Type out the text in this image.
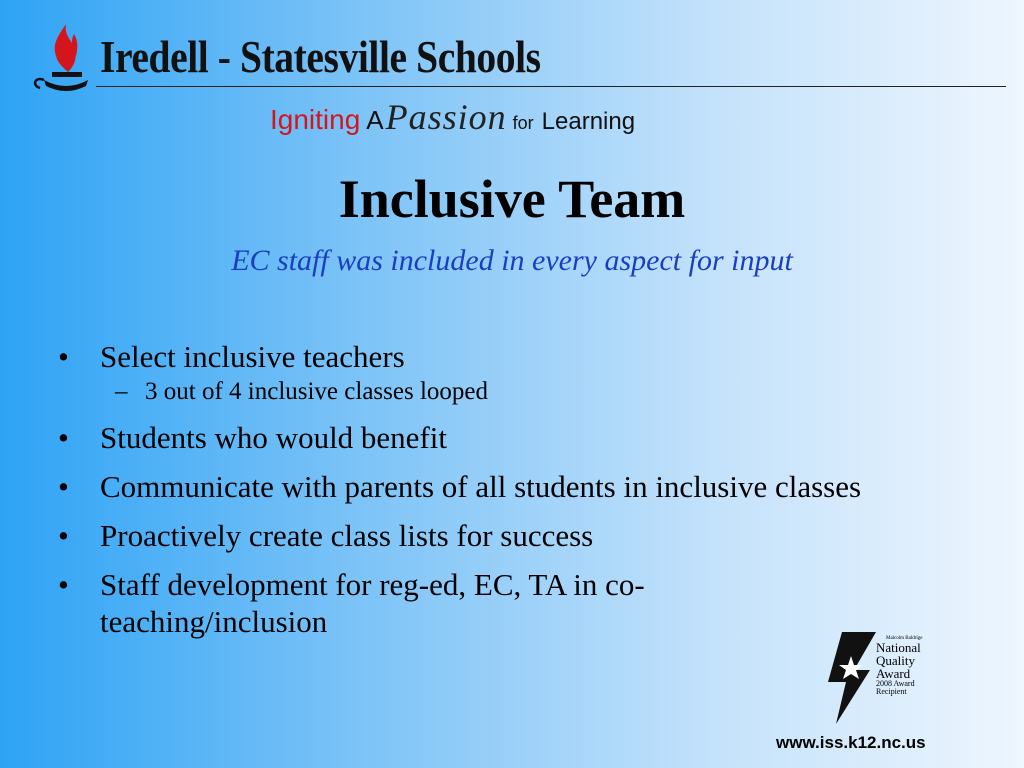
Iredell - Statesville Schools
Igniting APassion for Learning
Inclusive Team
EC staff was included in every aspect for input
• Select inclusive teachers
– 3 out of 4 inclusive classes looped
• Students who would benefit
• Communicate with parents of all students in inclusive classes
• Proactively create class lists for success
• Staff development for reg-ed, EC, TA in co-teaching/inclusion	Malcolm Baldrige
National
Quality
Award
2008 Award
Recipient
www.iss.k12.nc.us
